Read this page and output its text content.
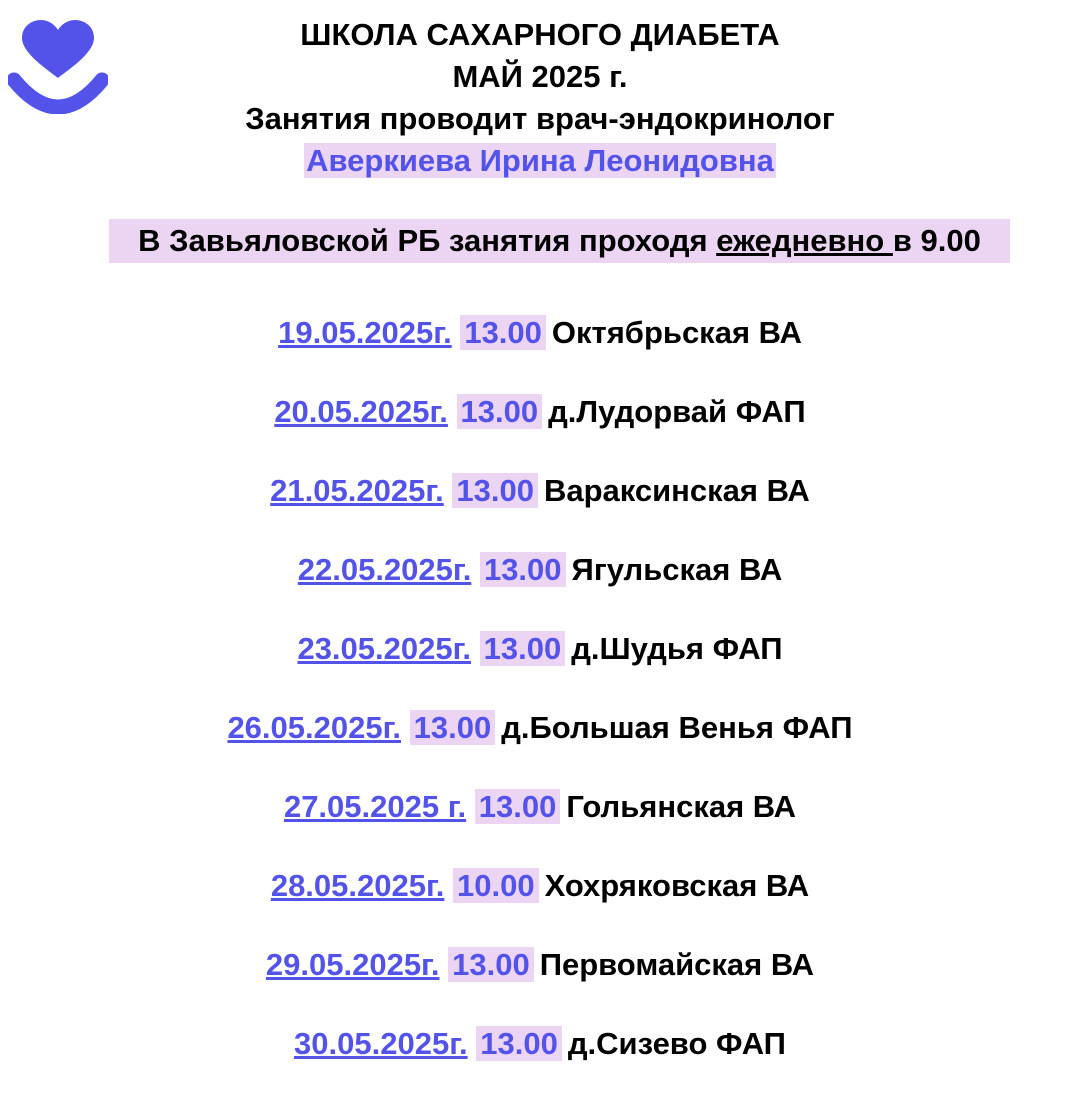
ШКОЛА САХАРНОГО ДИАБЕТА
МАЙ 2025 г.
Занятия проводит врач-эндокринолог
Аверкиева Ирина Леонидовна
В Завьяловской РБ занятия проходя ежедневно в 9.00
19.05.2025г. 13.00 Октябрьская ВА
20.05.2025г. 13.00 д.Лудорвай ФАП
21.05.2025г. 13.00 Вараксинская ВА
22.05.2025г. 13.00 Ягульская ВА
23.05.2025г. 13.00 д.Шудья ФАП
26.05.2025г. 13.00 д.Большая Венья ФАП
27.05.2025 г. 13.00 Гольянская ВА
28.05.2025г. 10.00 Хохряковская ВА
29.05.2025г. 13.00 Первомайская ВА
30.05.2025г. 13.00 д.Сизево ФАП
